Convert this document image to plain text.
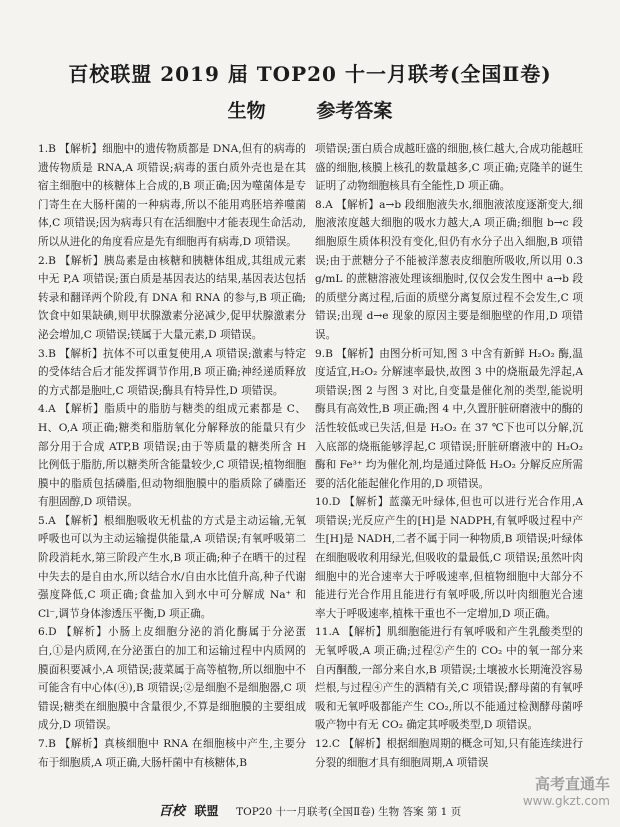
百校联盟 2019 届 TOP20 十一月联考(全国Ⅱ卷)
生物	参考答案

1.B 【解析】细胞中的遗传物质都是 DNA,但有的病毒的遗传物质是 RNA,A 项错误;病毒的蛋白质外壳也是在其宿主细胞中的核糖体上合成的,B 项正确;因为噬菌体是专门寄生在大肠杆菌的一种病毒,所以不能用鸡胚培养噬菌体,C 项错误;因为病毒只有在活细胞中才能表现生命活动,所以从进化的角度看应是先有细胞再有病毒,D 项错误。

2.B 【解析】胰岛素是由核糖和胰糖体组成,其组成元素中无 P,A 项错误;蛋白质是基因表达的结果,基因表达包括转录和翻译两个阶段,有 DNA 和 RNA 的参与,B 项正确;饮食中如果缺碘,则甲状腺激素分泌减少,促甲状腺激素分泌会增加,C 项错误;镁属于大量元素,D 项错误。

3.B 【解析】抗体不可以重复使用,A 项错误;激素与特定的受体结合后才能发挥调节作用,B 项正确;神经递质释放的方式都是胞吐,C 项错误;酶具有特异性,D 项错误。

4.A 【解析】脂质中的脂肪与糖类的组成元素都是 C、H、O,A 项正确;糖类和脂肪氧化分解释放的能量只有少部分用于合成 ATP,B 项错误;由于等质量的糖类所含 H 比例低于脂肪,所以糖类所含能量较少,C 项错误;植物细胞膜中的脂质包括磷脂,但动物细胞膜中的脂质除了磷脂还有胆固醇,D 项错误。

5.A 【解析】根细胞吸收无机盐的方式是主动运输,无氧呼吸也可以为主动运输提供能量,A 项错误;有氧呼吸第二阶段消耗水,第三阶段产生水,B 项正确;种子在晒干的过程中失去的是自由水,所以结合水/自由水比值升高,种子代谢强度降低,C 项正确;食盐加入到水中可分解成 Na⁺ 和 Cl⁻,调节身体渗透压平衡,D 项正确。

6.D 【解析】小肠上皮细胞分泌的消化酶属于分泌蛋白,①是内质网,在分泌蛋白的加工和运输过程中内质网的膜面积要减小,A 项错误;菠菜属于高等植物,所以细胞中不可能含有中心体(④),B 项错误;②是细胞不是细胞器,C 项错误;糖类在细胞膜中含量很少,不算是细胞膜的主要组成成分,D 项错误。

7.B 【解析】真核细胞中 RNA 在细胞核中产生,主要分布于细胞质,A 项正确,大肠杆菌中有核糖体,B

项错误;蛋白质合成越旺盛的细胞,核仁越大,合成功能越旺盛的细胞,核膜上核孔的数量越多,C 项正确;克隆羊的诞生证明了动物细胞核具有全能性,D 项正确。

8.A 【解析】a→b 段细胞液失水,细胞液浓度逐渐变大,细胞液浓度越大细胞的吸水力越大,A 项正确;细胞 b→c 段细胞原生质体积没有变化,但仍有水分子出入细胞,B 项错误;由于蔗糖分子不能被洋葱表皮细胞所吸收,所以用 0.3 g/mL 的蔗糖溶液处理该细胞时,仅仅会发生图中 a→b 段的质壁分离过程,后面的质壁分离复原过程不会发生,C 项错误;出现 d→e 现象的原因主要是细胞壁的作用,D 项错误。

9.B 【解析】由图分析可知,图 3 中含有新鲜 H₂O₂ 酶,温度适宜,H₂O₂ 分解速率最快,故图 3 中的烧瓶最先浮起,A 项错误;图 2 与图 3 对比,自变量是催化剂的类型,能说明酶具有高效性,B 项正确;图 4 中,久置肝脏研磨液中的酶的活性较低或已失活,但是 H₂O₂ 在 37 ℃下也可以分解,沉入底部的烧瓶能够浮起,C 项错误;肝脏研磨液中的 H₂O₂ 酶和 Fe³⁺ 均为催化剂,均是通过降低 H₂O₂ 分解反应所需要的活化能起催化作用的,D 项错误。

10.D 【解析】蓝藻无叶绿体,但也可以进行光合作用,A 项错误;光反应产生的[H]是 NADPH,有氧呼吸过程中产生[H]是 NADH,二者不属于同一种物质,B 项错误;叶绿体在细胞吸收利用绿光,但吸收的量最低,C 项错误;虽然叶肉细胞中的光合速率大于呼吸速率,但植物细胞中大部分不能进行光合作用且能进行有氧呼吸,所以叶肉细胞光合速率大于呼吸速率,植株干重也不一定增加,D 项正确。

11.A 【解析】肌细胞能进行有氧呼吸和产生乳酸类型的无氧呼吸,A 项正确;过程②产生的 CO₂ 中的氧一部分来自丙酮酸,一部分来自水,B 项错误;土壤被水长期淹没容易烂根,与过程④产生的酒精有关,C 项错误;酵母菌的有氧呼吸和无氧呼吸都能产生 CO₂,所以不能通过检测酵母菌呼吸产物中有无 CO₂ 确定其呼吸类型,D 项错误。

12.C 【解析】根据细胞周期的概念可知,只有能连续进行分裂的细胞才具有细胞周期,A 项错误

百校 联盟 TOP20 十一月联考(全国Ⅱ卷) 生物 答案 第 1 页
高考直通车
www.gkzt.com
